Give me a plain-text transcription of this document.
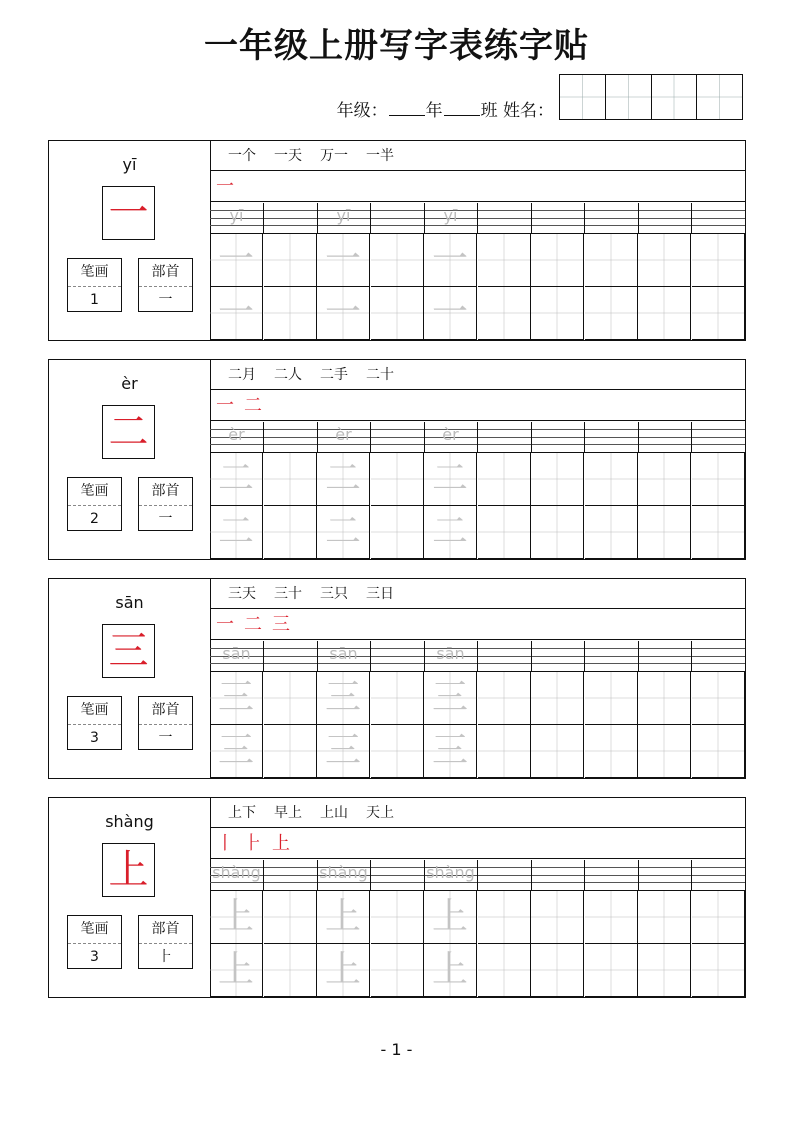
一年级上册写字表练字贴
年级： 年 班 姓名：
yī
一
笔画
1
部首
一
一个 一天 万一 一半
一
yī	yī	yī
一 一 一
一 一 一
èr
二
笔画
2
部首
一
二月 二人 二手 二十
一 二
èr	èr	èr
二 二 二
二 二 二
sān
三
笔画
3
部首
一
三天 三十 三只 三日
一 二 三
sān	sān	sān
三 三 三
三 三 三
shàng
上
笔画
3
部首
⺊
上下 早上 上山 天上
丨 ⺊ 上
shàng	shàng	shàng
上 上 上
上 上 上
- 1 -
